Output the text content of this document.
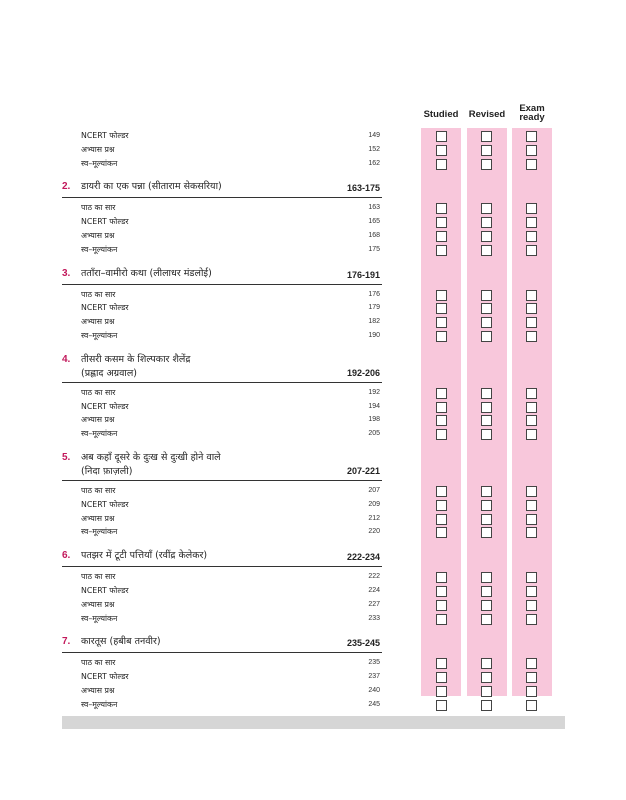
Studied	Revised
Exam
ready
NCERT फोल्डर	149
अभ्यास प्रश्न	152
स्व–मूल्यांकन	162
2. डायरी का एक पन्ना (सीताराम सेकसरिया)	163-175
पाठ का सार	163
NCERT फोल्डर	165
अभ्यास प्रश्न	168
स्व–मूल्यांकन	175
3. तताँरा–वामीरो कथा (लीलाधर मंडलोई)	176-191
पाठ का सार	176
NCERT फोल्डर	179
अभ्यास प्रश्न	182
स्व–मूल्यांकन	190
4. तीसरी कसम के शिल्पकार शैलेंद्र
(प्रह्लाद अग्रवाल)	192-206
पाठ का सार	192
NCERT फोल्डर	194
अभ्यास प्रश्न	198
स्व–मूल्यांकन	205
5. अब कहाँ दूसरे के दुःख से दुःखी होने वाले
(निदा फ़ाज़ली)	207-221
पाठ का सार	207
NCERT फोल्डर	209
अभ्यास प्रश्न	212
स्व–मूल्यांकन	220
6. पतझर में टूटी पत्तियाँ (रवींद्र केलेकर)	222-234
पाठ का सार	222
NCERT फोल्डर	224
अभ्यास प्रश्न	227
स्व–मूल्यांकन	233
7. कारतूस (हबीब तनवीर)	235-245
पाठ का सार	235
NCERT फोल्डर	237
अभ्यास प्रश्न	240
स्व–मूल्यांकन	245
